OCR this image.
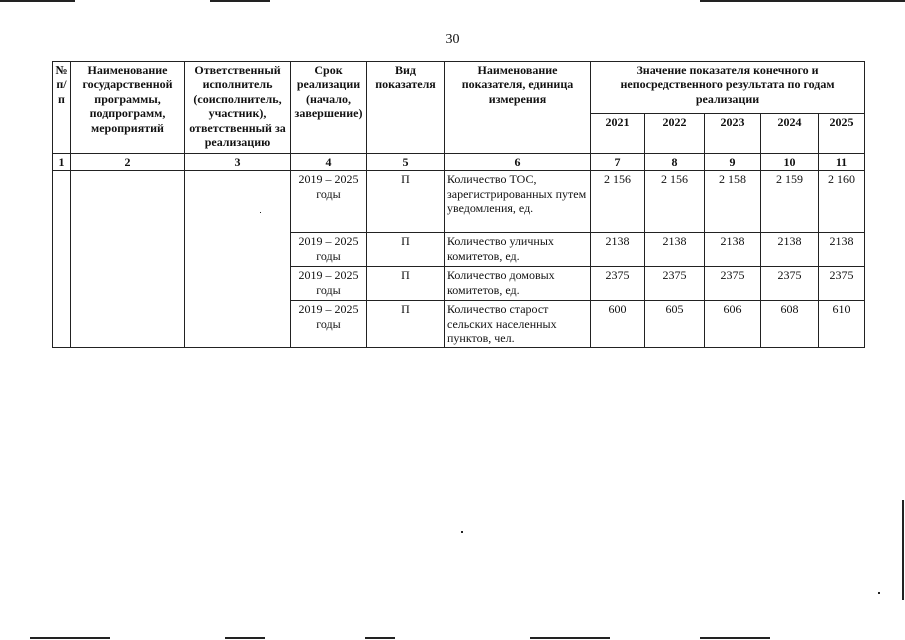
30
№ п/п	Наименование государственной программы, подпрограмм, мероприятий	Ответственный исполнитель (соисполнитель, участник), ответственный за реализацию	Срок реализации (начало, завершение)	Вид показателя	Наименование показателя, единица измерения	Значение показателя конечного и непосредственного результата по годам реализации				
						2021	2022	2023	2024	2025
1	2	3	4	5	6	7	8	9	10	11
			2019 – 2025 годы	П	Количество ТОС, зарегистрированных путем уведомления, ед.	2 156	2 156	2 158	2 159	2 160
			2019 – 2025 годы	П	Количество уличных комитетов, ед.	2138	2138	2138	2138	2138
			2019 – 2025 годы	П	Количество домовых комитетов, ед.	2375	2375	2375	2375	2375
			2019 – 2025 годы	П	Количество старост сельских населенных пунктов, чел.	600	605	606	608	610
